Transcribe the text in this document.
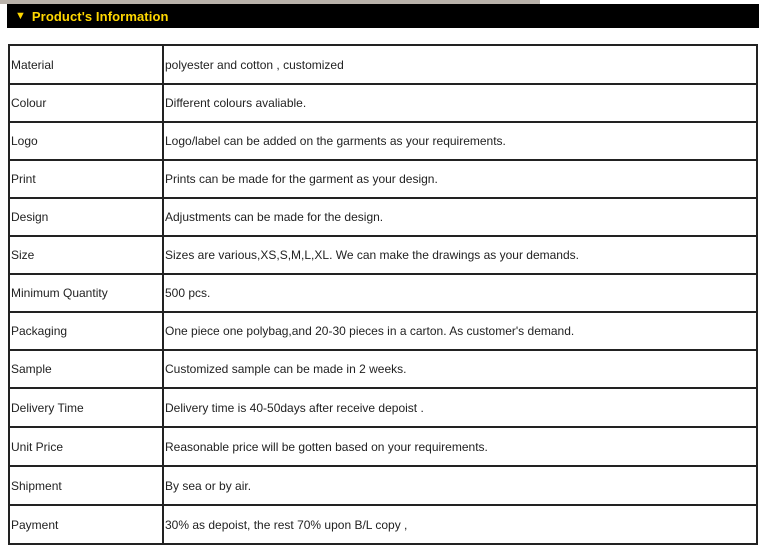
▼ Product's Information
Material	polyester and cotton , customized
Colour	Different colours avaliable.
Logo	Logo/label can be added on the garments as your requirements.
Print	Prints can be made for the garment as your design.
Design	Adjustments can be made for the design.
Size	Sizes are various,XS,S,M,L,XL. We can make the drawings as your demands.
Minimum Quantity	500 pcs.
Packaging	One piece one polybag,and 20-30 pieces in a carton. As customer's demand.
Sample	Customized sample can be made in 2 weeks.
Delivery Time	Delivery time is 40-50days after receive depoist .
Unit Price	Reasonable price will be gotten based on your requirements.
Shipment	By sea or by air.
Payment	30% as depoist, the rest 70% upon B/L copy ,
